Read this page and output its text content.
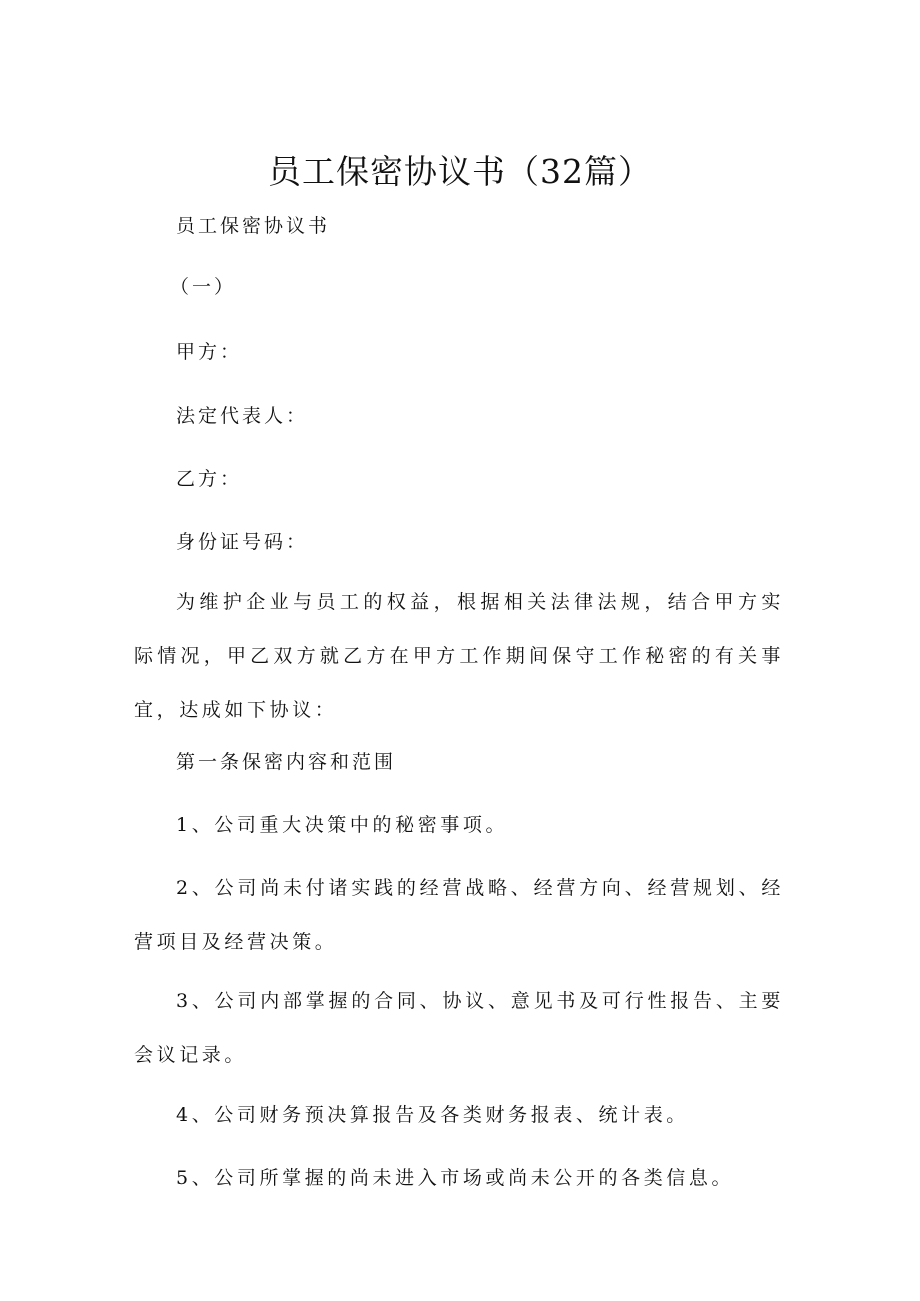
员工保密协议书（32篇）
员工保密协议书
（一）
甲方：
法定代表人：
乙方：
身份证号码：
为维护企业与员工的权益，根据相关法律法规，结合甲方实际情况，甲乙双方就乙方在甲方工作期间保守工作秘密的有关事宜，达成如下协议：
第一条保密内容和范围
1、公司重大决策中的秘密事项。
2、公司尚未付诸实践的经营战略、经营方向、经营规划、经营项目及经营决策。
3、公司内部掌握的合同、协议、意见书及可行性报告、主要会议记录。
4、公司财务预决算报告及各类财务报表、统计表。
5、公司所掌握的尚未进入市场或尚未公开的各类信息。
